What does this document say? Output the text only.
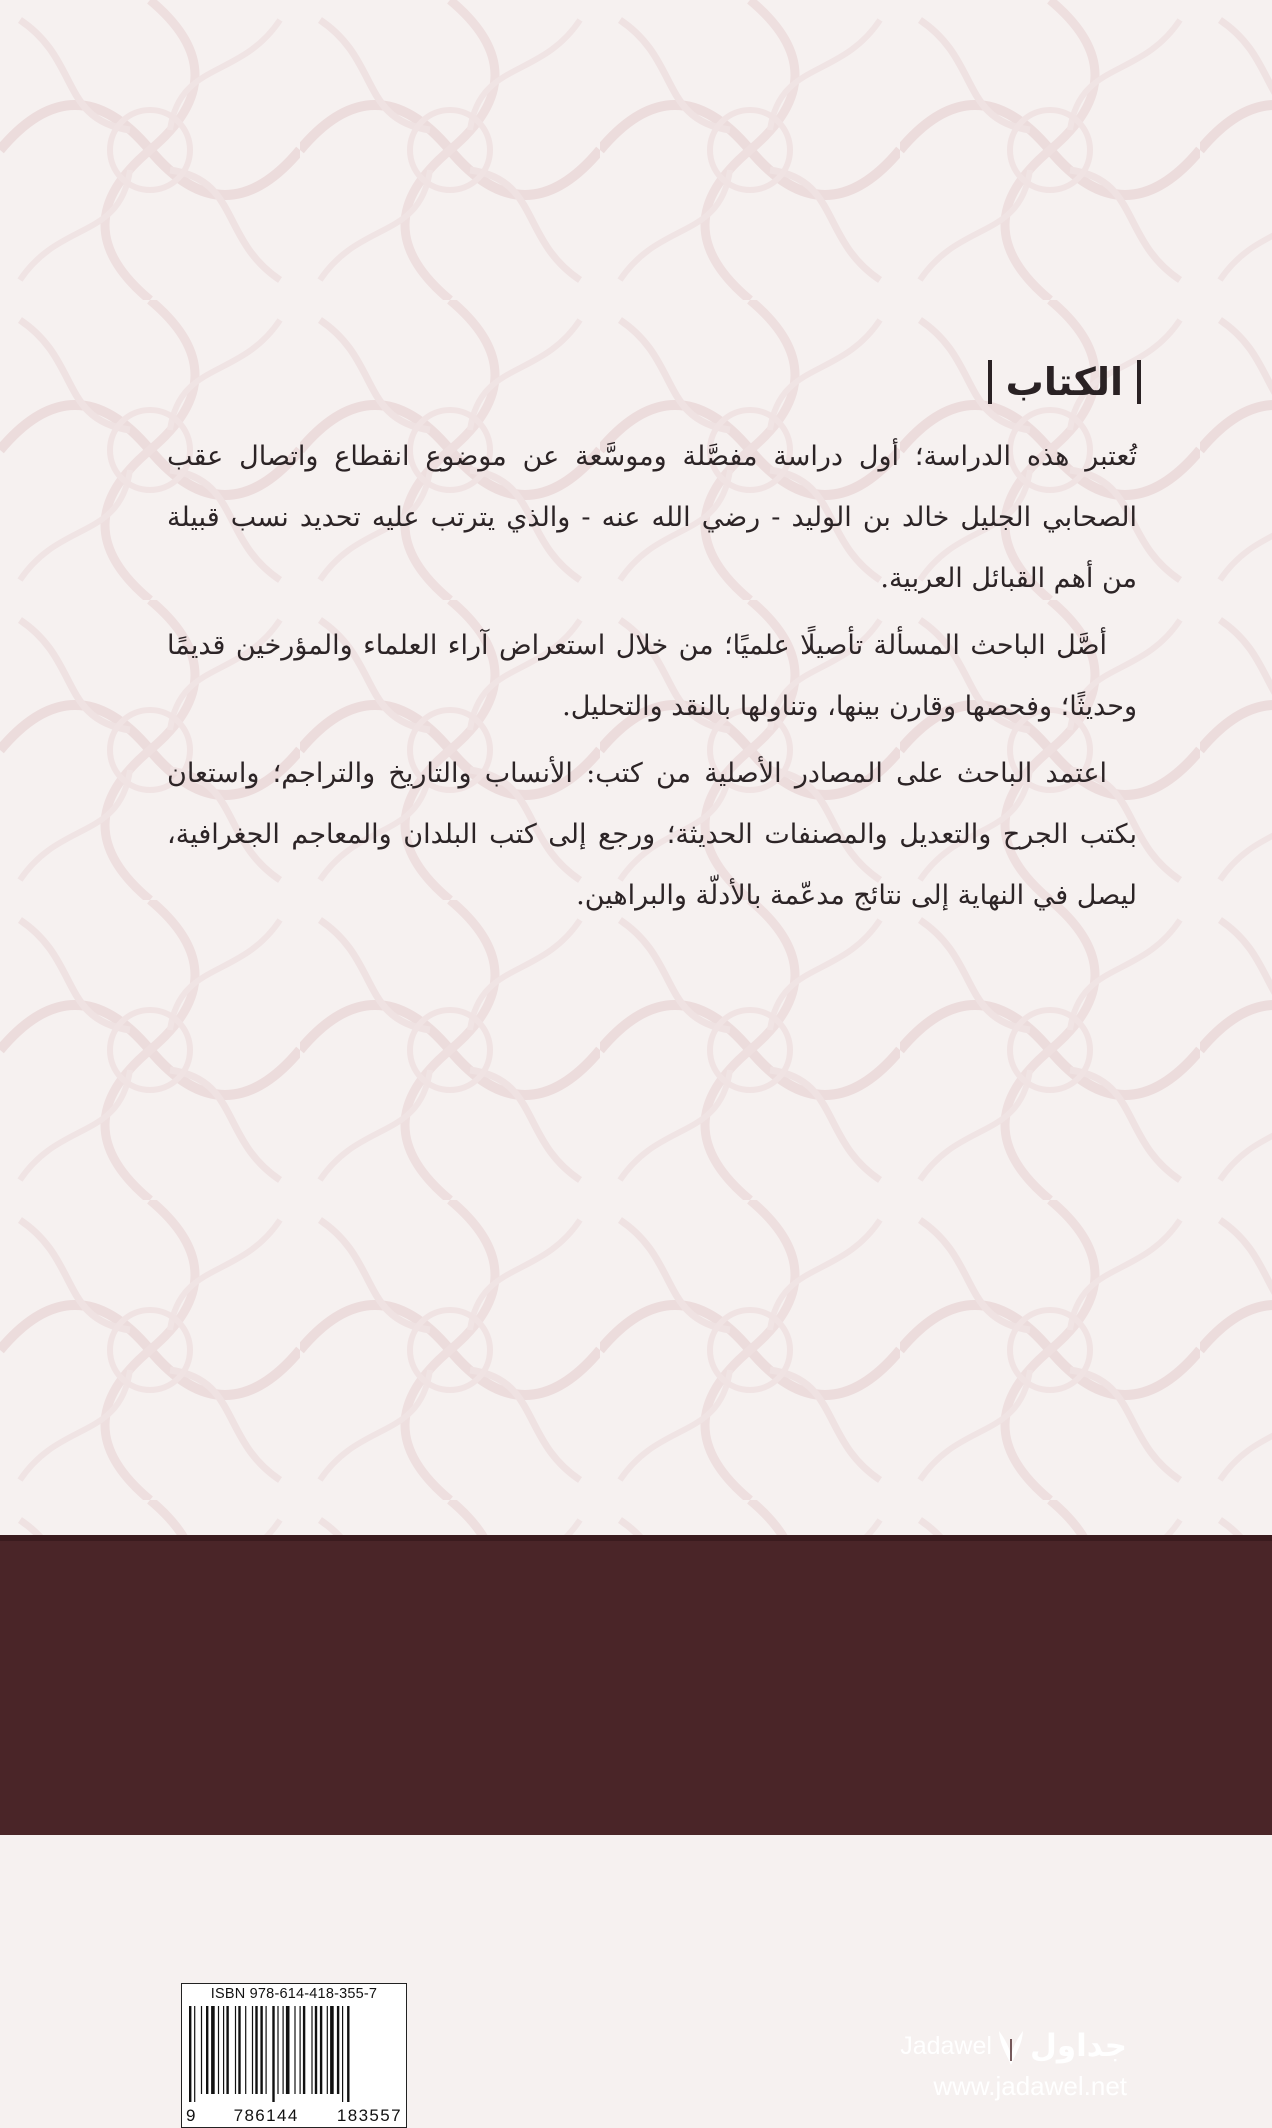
الكتاب

تُعتبر هذه الدراسة؛ أول دراسة مفصَّلة وموسَّعة عن موضوع انقطاع واتصال عقب الصحابي الجليل خالد بن الوليد - رضي الله عنه - والذي يترتب عليه تحديد نسب قبيلة من أهم القبائل العربية.

أصَّل الباحث المسألة تأصيلًا علميًا؛ من خلال استعراض آراء العلماء والمؤرخين قديمًا وحديثًا؛ وفحصها وقارن بينها، وتناولها بالنقد والتحليل.

اعتمد الباحث على المصادر الأصلية من كتب: الأنساب والتاريخ والتراجم؛ واستعان بكتب الجرح والتعديل والمصنفات الحديثة؛ ورجع إلى كتب البلدان والمعاجم الجغرافية، ليصل في النهاية إلى نتائج مدعّمة بالأدلّة والبراهين.

ISBN 978-614-418-355-7
9 786144 183557
Jadawel جداول
www.jadawel.net
